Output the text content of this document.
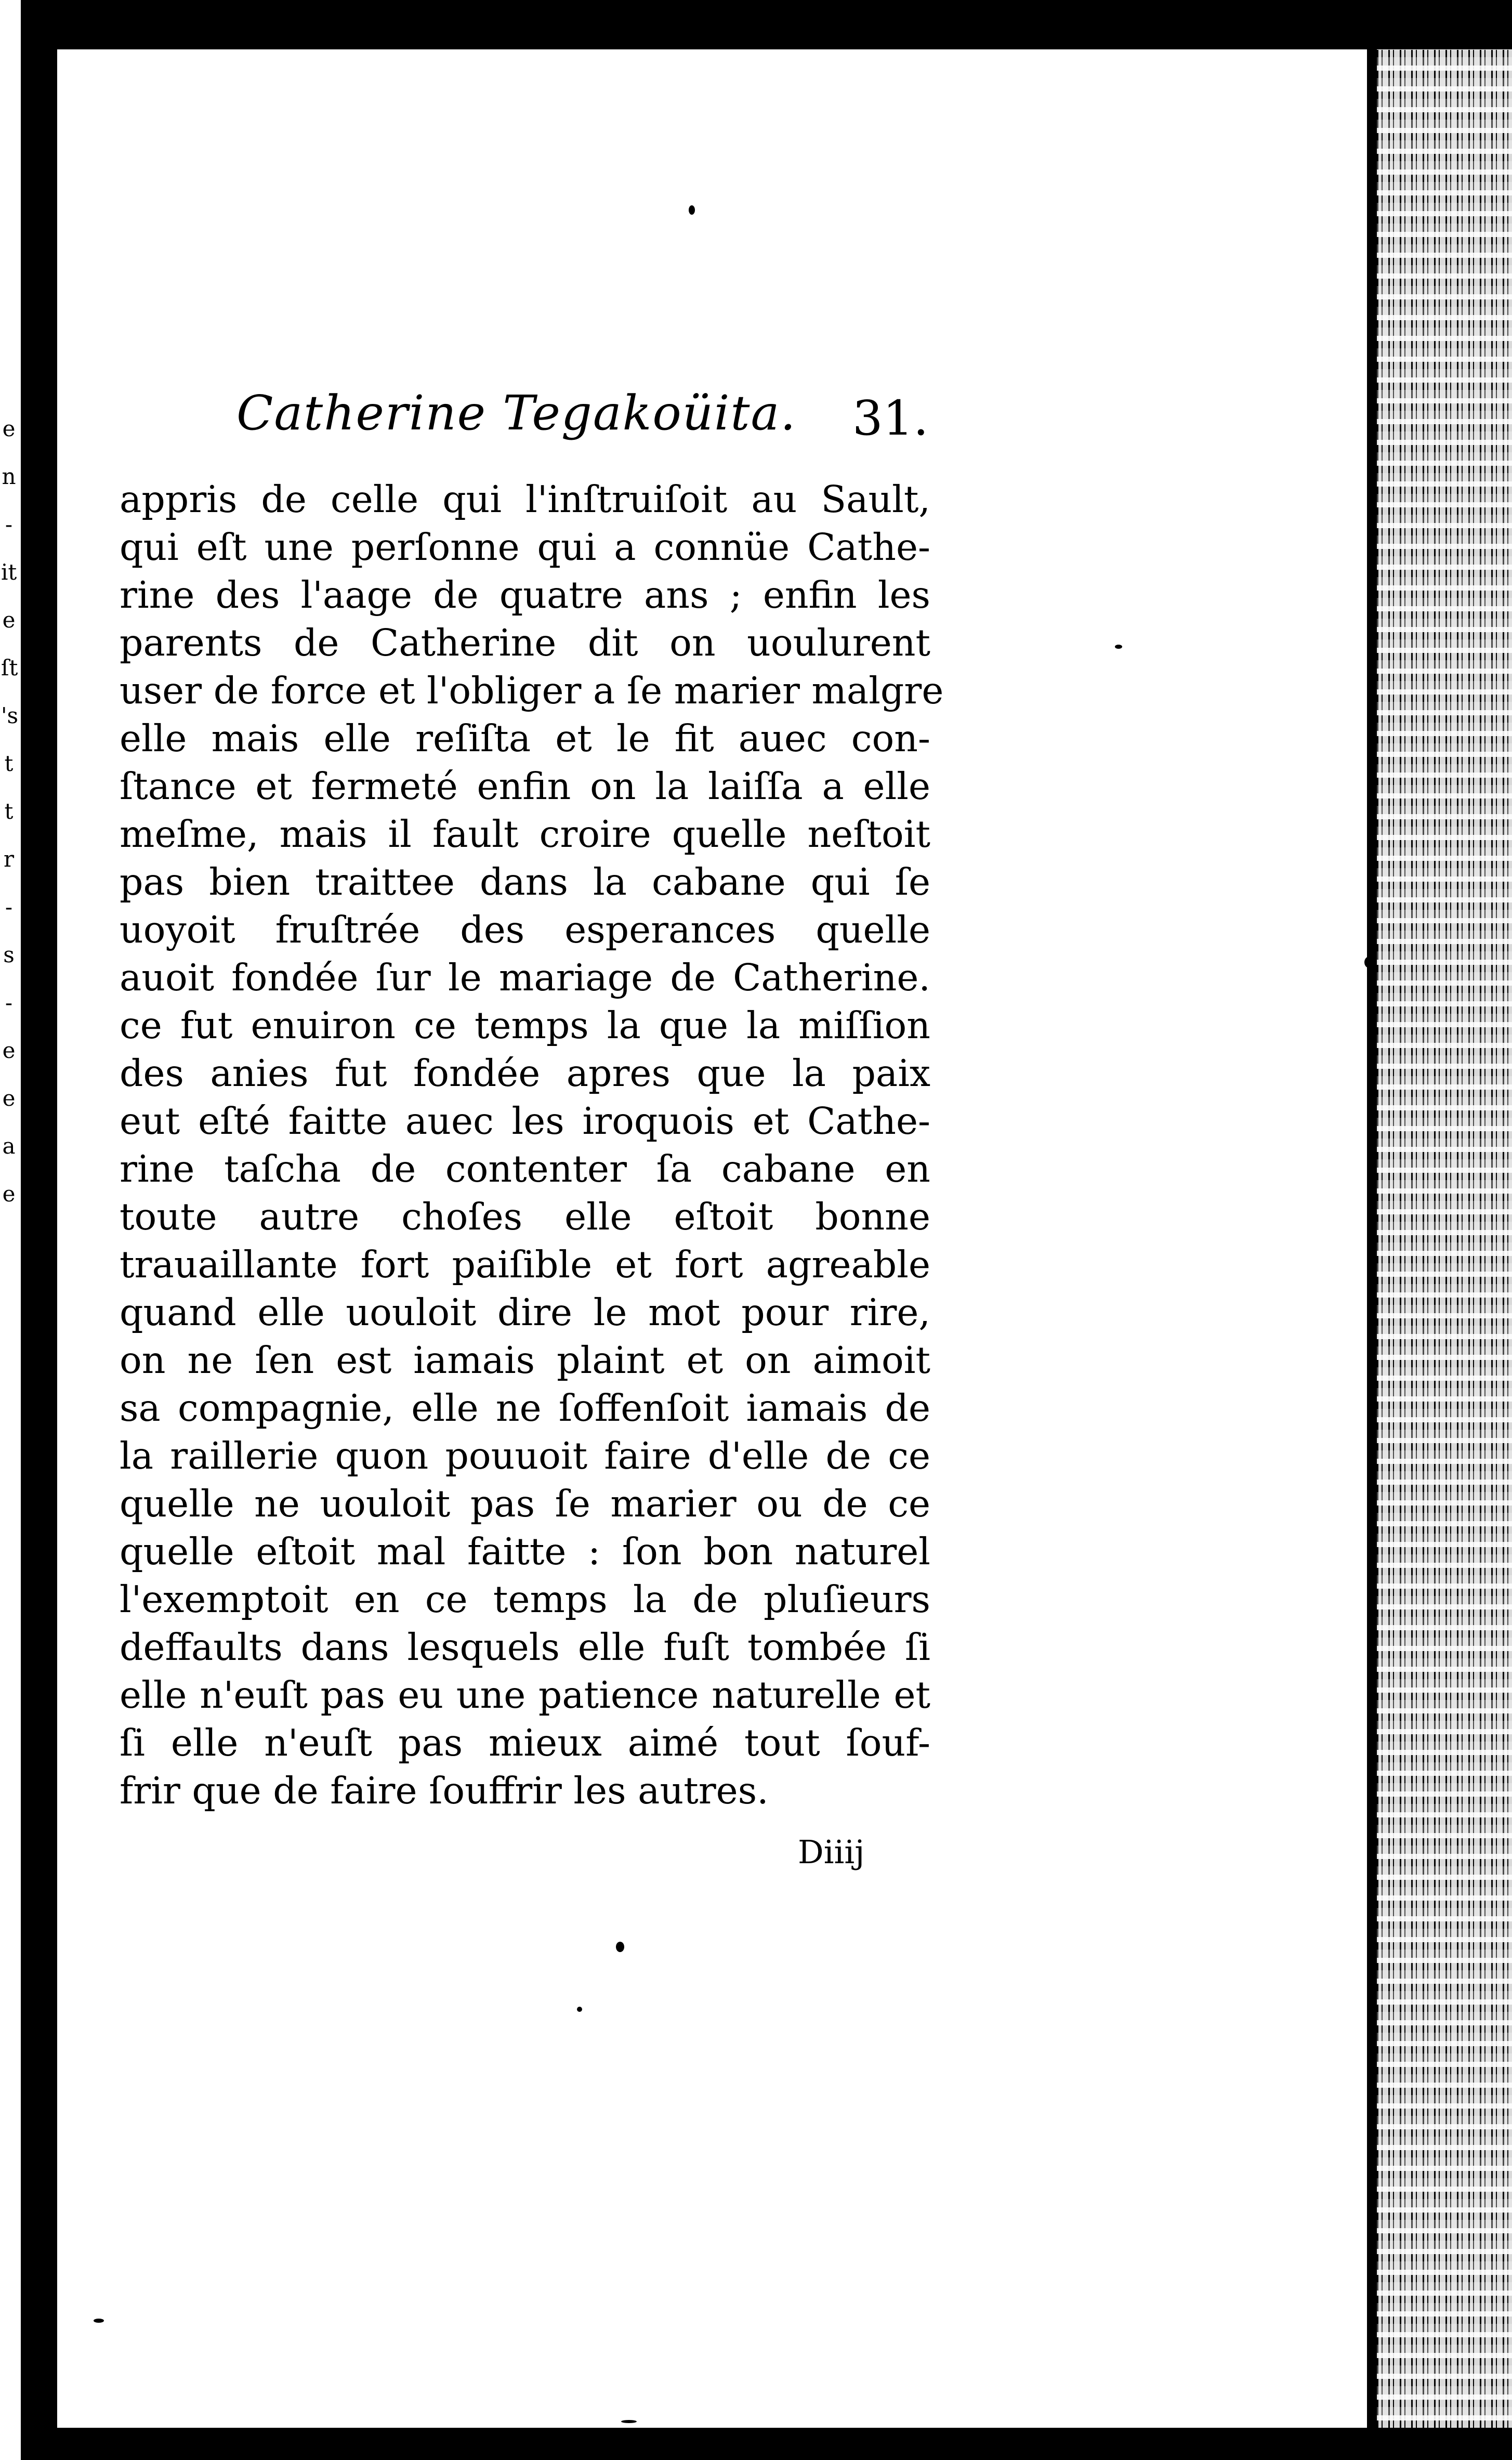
e
n
-
it
e
ſt
's
t
t
r
-
s
-
e
e
a
e
Catherine Tegakoüita.	31.
appris de celle qui l'inſtruiſoit au Sault,
qui eſt une perſonne qui a connüe Cathe-
rine des l'aage de quatre ans ; enfin les
parents de Catherine dit on uoulurent
user de force et l'obliger a ſe marier malgre
elle mais elle reſiſta et le fit auec con-
ſtance et fermeté enfin on la laiſſa a elle
meſme, mais il fault croire quelle neſtoit
pas bien traittee dans la cabane qui ſe
uoyoit fruſtrée des esperances quelle
auoit fondée ſur le mariage de Catherine.
ce fut enuiron ce temps la que la miſſion
des anies fut fondée apres que la paix
eut eſté faitte auec les iroquois et Cathe-
rine taſcha de contenter ſa cabane en
toute autre choſes elle eſtoit bonne
trauaillante fort paiſible et fort agreable
quand elle uouloit dire le mot pour rire,
on ne ſen est iamais plaint et on aimoit
sa compagnie, elle ne ſoffenſoit iamais de
la raillerie quon pouuoit faire d'elle de ce
quelle ne uouloit pas ſe marier ou de ce
quelle eſtoit mal faitte : ſon bon naturel
l'exemptoit en ce temps la de pluſieurs
deffaults dans lesquels elle fuſt tombée ſi
elle n'euſt pas eu une patience naturelle et
ſi elle n'euſt pas mieux aimé tout ſouf-
frir que de faire ſouffrir les autres.
Diiij
